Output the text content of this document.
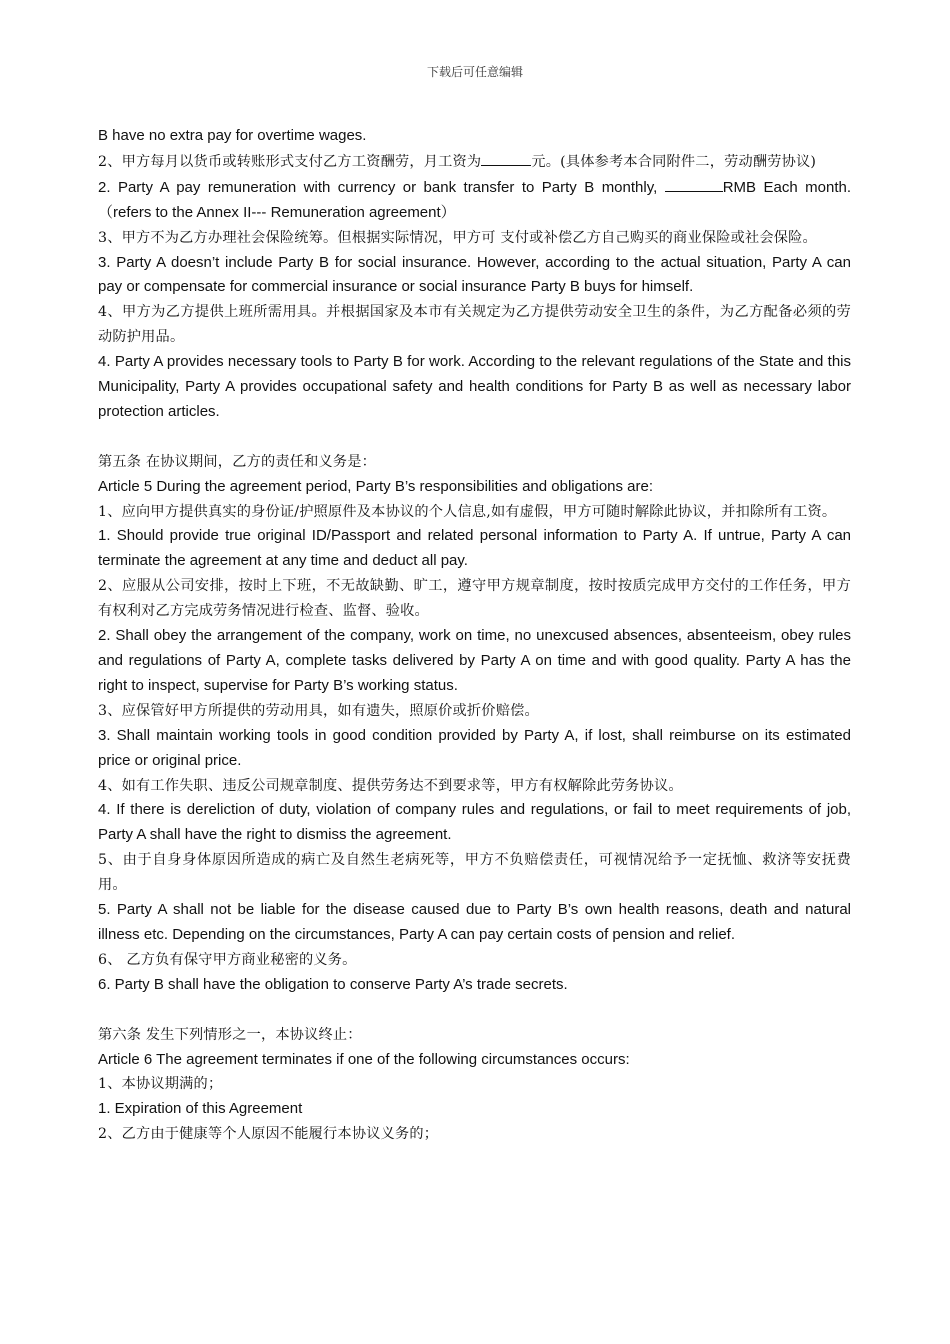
下载后可任意编辑

B have no extra pay for overtime wages.

2、甲方每月以货币或转账形式支付乙方工资酬劳，月工资为	元。(具体参考本合同附件二，劳动酬劳协议)

2. Party A pay remuneration with currency or bank transfer to Party B monthly,	RMB Each month.（refers to the Annex II--- Remuneration agreement）

3、甲方不为乙方办理社会保险统筹。但根据实际情况，甲方可 支付或补偿乙方自己购买的商业保险或社会保险。

3. Party A doesn’t include Party B for social insurance. However, according to the actual situation, Party A can pay or compensate for commercial insurance or social insurance Party B buys for himself.

4、甲方为乙方提供上班所需用具。并根据国家及本市有关规定为乙方提供劳动安全卫生的条件，为乙方配备必须的劳动防护用品。

4. Party A provides necessary tools to Party B for work. According to the relevant regulations of the State and this Municipality, Party A provides occupational safety and health conditions for Party B as well as necessary labor protection articles.

第五条 在协议期间，乙方的责任和义务是：

Article 5 During the agreement period, Party B’s responsibilities and obligations are:

1、应向甲方提供真实的身份证/护照原件及本协议的个人信息,如有虚假，甲方可随时解除此协议，并扣除所有工资。

1. Should provide true original ID/Passport and related personal information to Party A. If untrue, Party A can terminate the agreement at any time and deduct all pay.

2、应服从公司安排，按时上下班，不无故缺勤、旷工，遵守甲方规章制度，按时按质完成甲方交付的工作任务，甲方有权利对乙方完成劳务情况进行检查、监督、验收。

2. Shall obey the arrangement of the company, work on time, no unexcused absences, absenteeism, obey rules and regulations of Party A, complete tasks delivered by Party A on time and with good quality. Party A has the right to inspect, supervise for Party B’s working status.

3、应保管好甲方所提供的劳动用具，如有遗失，照原价或折价赔偿。

3. Shall maintain working tools in good condition provided by Party A, if lost, shall reimburse on its estimated price or original price.

4、如有工作失职、违反公司规章制度、提供劳务达不到要求等，甲方有权解除此劳务协议。

4. If there is dereliction of duty, violation of company rules and regulations, or fail to meet requirements of job, Party A shall have the right to dismiss the agreement.

5、由于自身身体原因所造成的病亡及自然生老病死等，甲方不负赔偿责任，可视情况给予一定抚恤、救济等安抚费用。

5. Party A shall not be liable for the disease caused due to Party B’s own health reasons, death and natural illness etc. Depending on the circumstances, Party A can pay certain costs of pension and relief.

6、 乙方负有保守甲方商业秘密的义务。

6. Party B shall have the obligation to conserve Party A’s trade secrets.

第六条 发生下列情形之一，本协议终止：

Article 6 The agreement terminates if one of the following circumstances occurs:

1、本协议期满的；

1. Expiration of this Agreement

2、乙方由于健康等个人原因不能履行本协议义务的；
